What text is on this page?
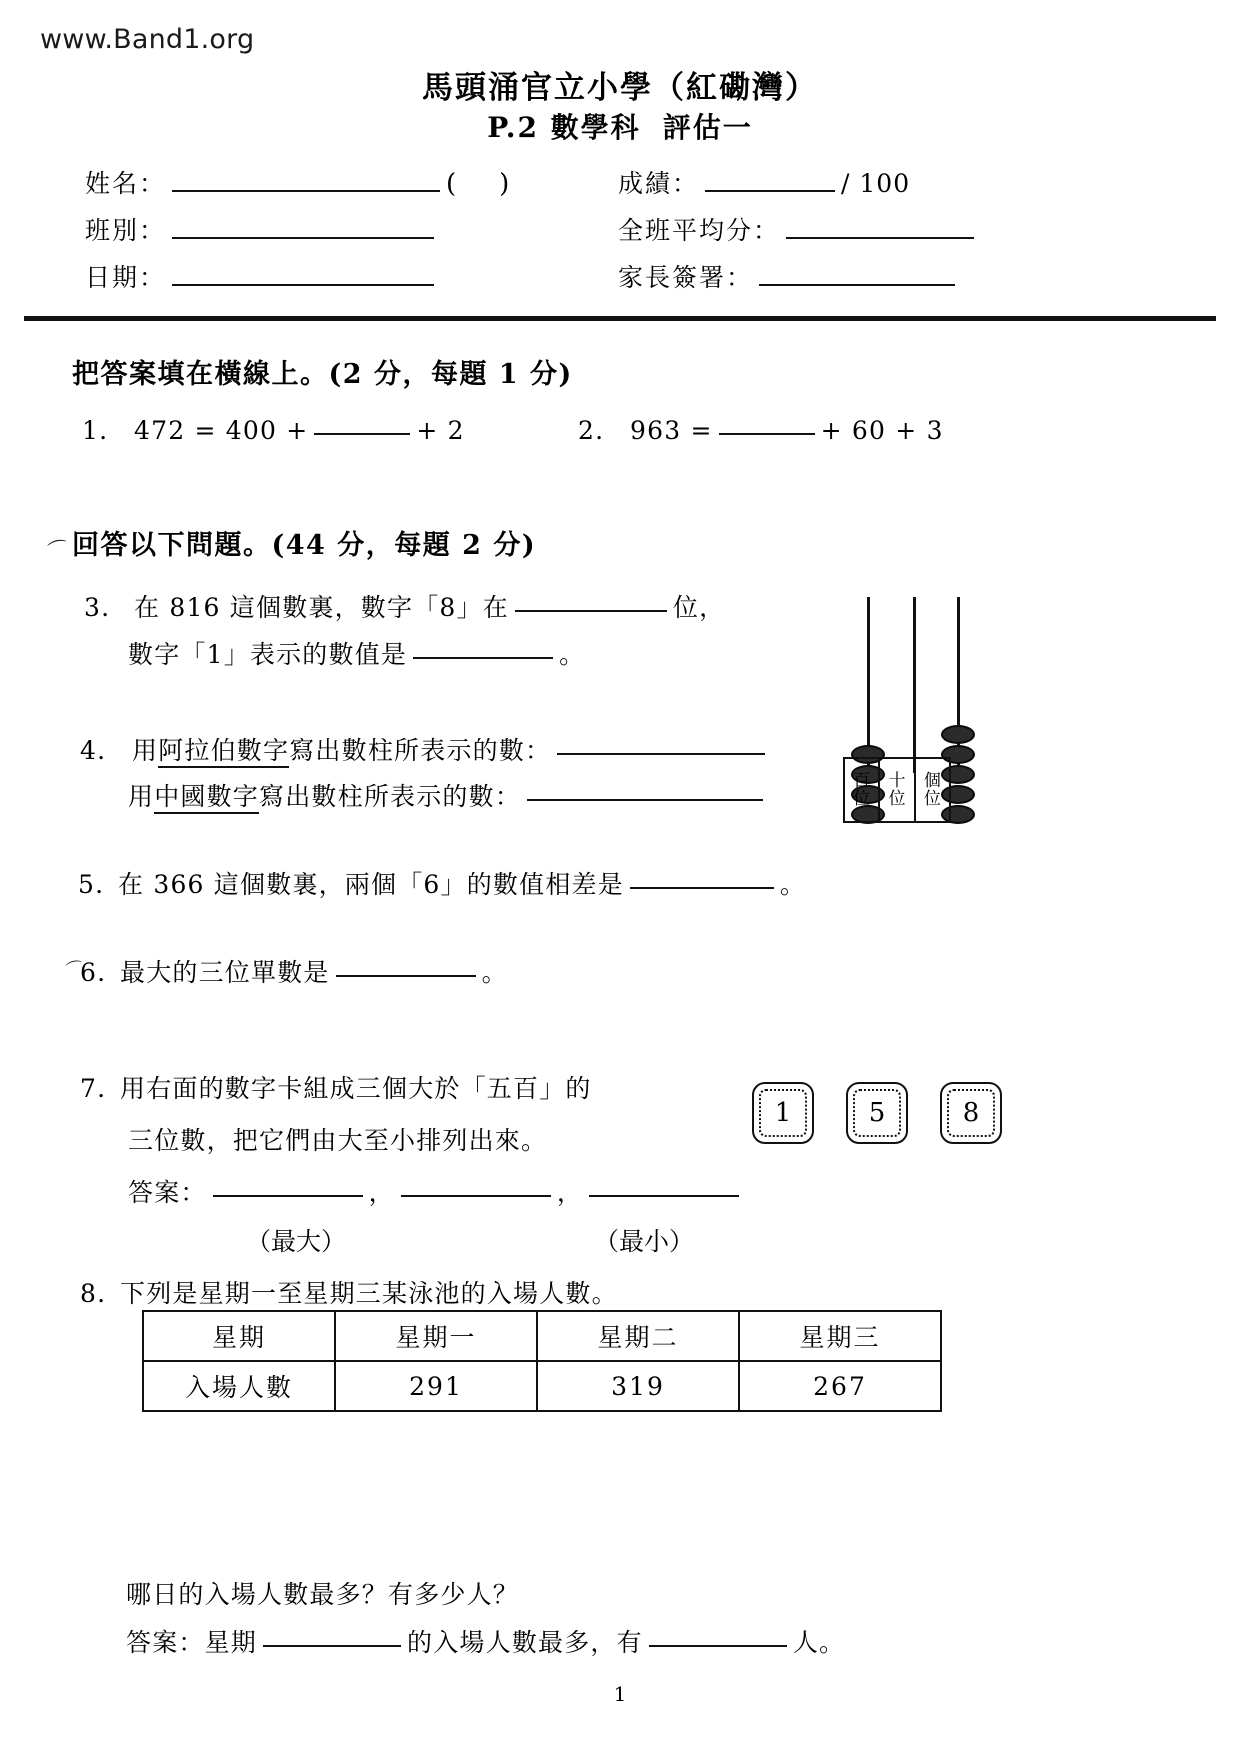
www.Band1.org
馬頭涌官立小學（紅磡灣）
P.2 數學科 評估一
姓名：	( )	成績：	/ 100
班別：	全班平均分：
日期：	家長簽署：
把答案填在橫線上。(2 分，每題 1 分)
1. 472 = 400 +	+ 2	2. 963 =	+ 60 + 3
⌒ 回答以下問題。(44 分，每題 2 分)
3. 在 816 這個數裏，數字「8」在	位，
數字「1」表示的數值是	。
4. 用阿拉伯數字寫出數柱所表示的數：
用中國數字寫出數柱所表示的數：
百
位
十
位
個
位
5. 在 366 這個數裏，兩個「6」的數值相差是	。
⌒
6. 最大的三位單數是	。
7. 用右面的數字卡組成三個大於「五百」的
三位數，把它們由大至小排列出來。
答案：	，	，
（最大）	（最小）
1	5	8
8. 下列是星期一至星期三某泳池的入場人數。
星期	星期一	星期二	星期三
入場人數	291	319	267
哪日的入場人數最多？有多少人？
答案：星期	的入場人數最多，有	人。
1
